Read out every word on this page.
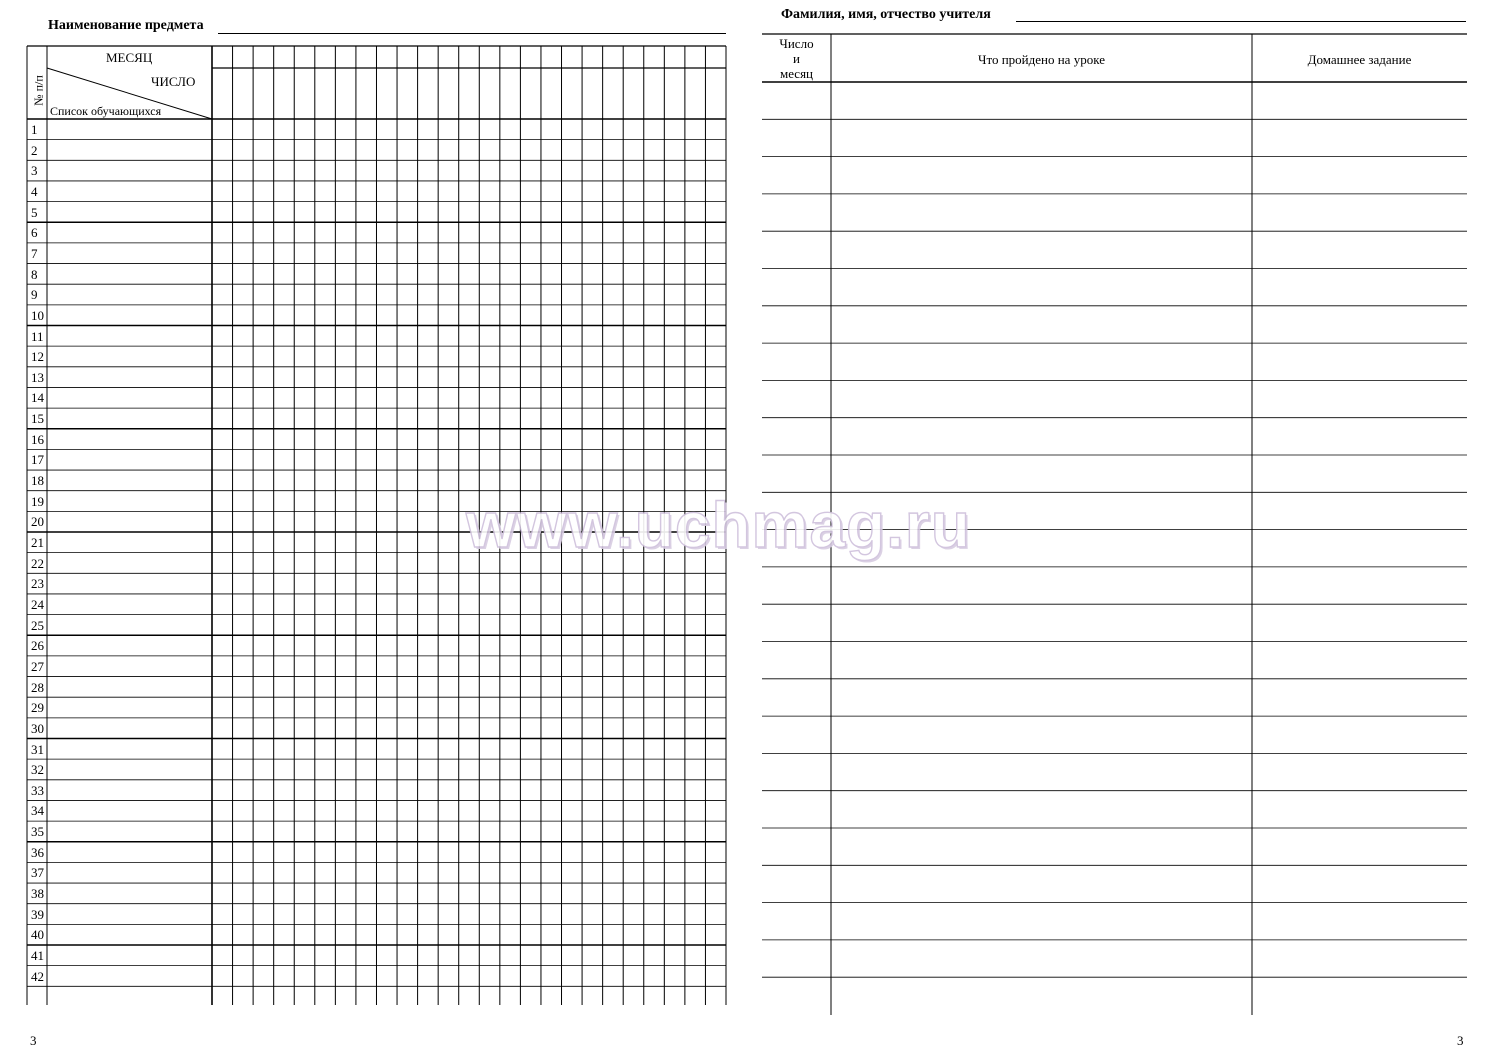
Наименование предмета
№ п/п
МЕСЯЦ
ЧИСЛО
Список обучающихся
1
2
3
4
5
6
7
8
9
10
11
12
13
14
15
16
17
18
19
20
21
22
23
24
25
26
27
28
29
30
31
32
33
34
35
36
37
38
39
40
41
42
3
Фамилия, имя, отчество учителя
Число
и
месяц
Что пройдено на уроке	Домашнее задание
3
www.uchmag.ru
